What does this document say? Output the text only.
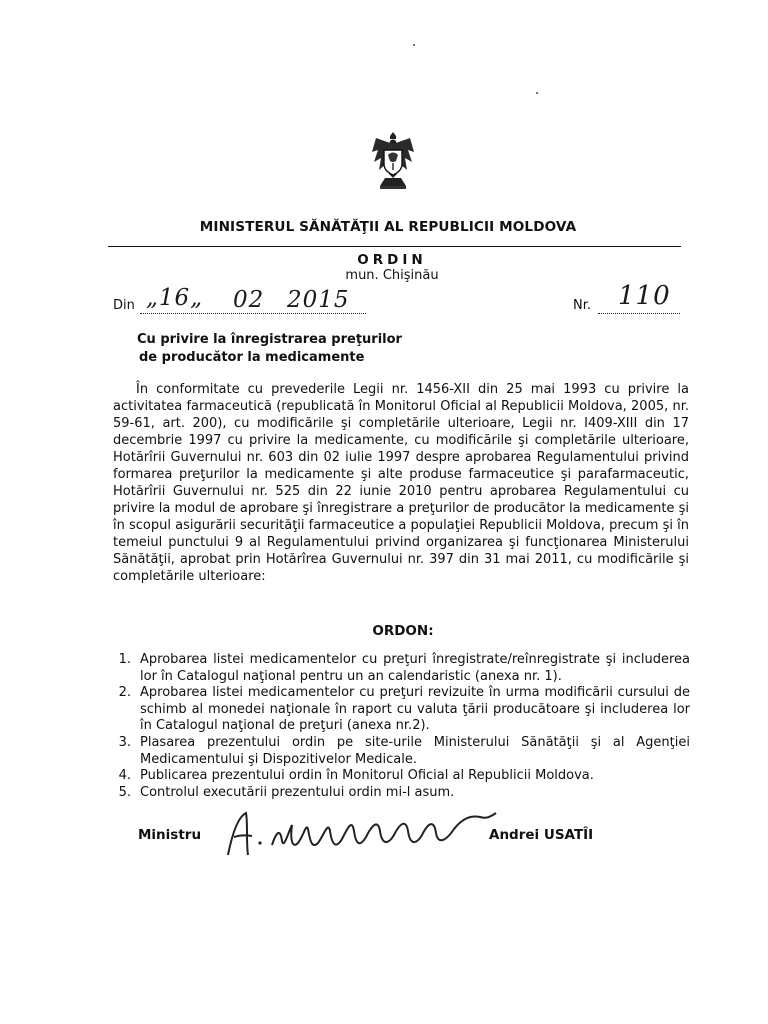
MINISTERUL SĂNĂTĂŢII AL REPUBLICII MOLDOVA
ORDIN
mun. Chişinău
Din „16„ 02 2015	Nr. 110
Cu privire la înregistrarea preţurilor
de producător la medicamente

În conformitate cu prevederile Legii nr. 1456-XII din 25 mai 1993 cu privire la activitatea farmaceutică (republicată în Monitorul Oficial al Republicii Moldova, 2005, nr. 59-61, art. 200), cu modificările şi completările ulterioare, Legii nr. I409-XIII din 17 decembrie 1997 cu privire la medicamente, cu modificările şi completările ulterioare, Hotărîrii Guvernului nr. 603 din 02 iulie 1997 despre aprobarea Regulamentului privind formarea preţurilor la medicamente şi alte produse farmaceutice şi parafarmaceutic, Hotărîrii Guvernului nr. 525 din 22 iunie 2010 pentru aprobarea Regulamentului cu privire la modul de aprobare şi înregistrare a preţurilor de producător la medicamente şi în scopul asigurării securităţii farmaceutice a populaţiei Republicii Moldova, precum şi în temeiul punctului 9 al Regulamentului privind organizarea şi funcţionarea Ministerului Sănătăţii, aprobat prin Hotărîrea Guvernului nr. 397 din 31 mai 2011, cu modificările şi completările ulterioare:

ORDON:
1. Aprobarea listei medicamentelor cu preţuri înregistrate/reînregistrate şi includerea lor în Catalogul naţional pentru un an calendaristic (anexa nr. 1).
2. Aprobarea listei medicamentelor cu preţuri revizuite în urma modificării cursului de schimb al monedei naţionale în raport cu valuta ţării producătoare şi includerea lor în Catalogul naţional de preţuri (anexa nr.2).
3. Plasarea prezentului ordin pe site-urile Ministerului Sănătăţii şi al Agenţiei Medicamentului şi Dispozitivelor Medicale.
4. Publicarea prezentului ordin în Monitorul Oficial al Republicii Moldova.
5. Controlul executării prezentului ordin mi-l asum.
Ministru	Andrei USATÎI
